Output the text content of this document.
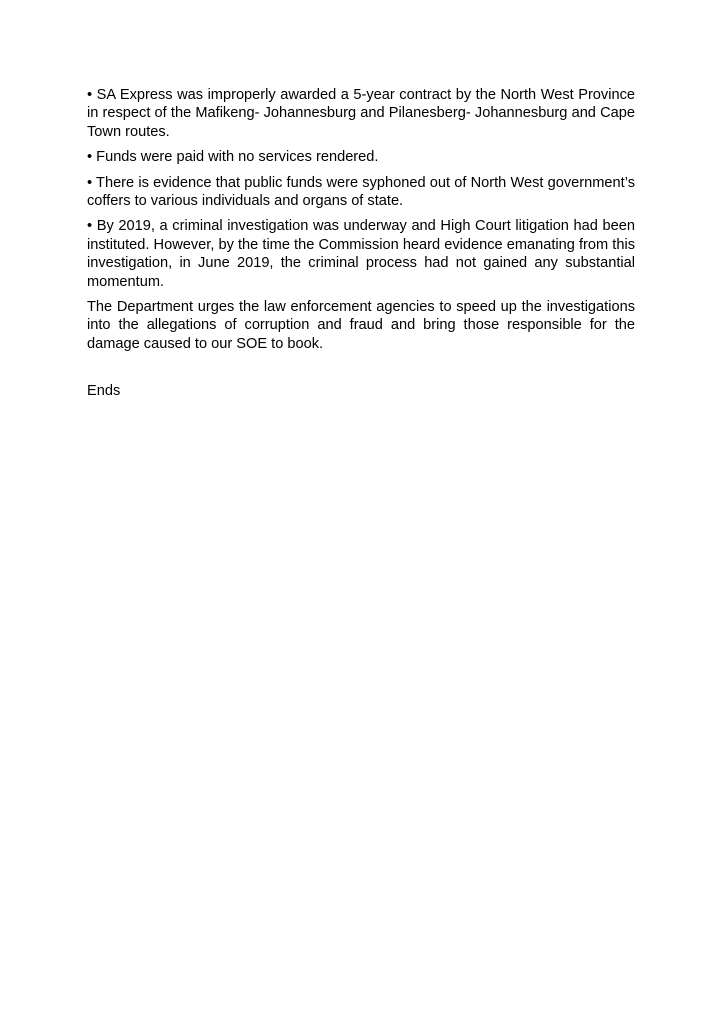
• SA Express was improperly awarded a 5-year contract by the North West Province in respect of the Mafikeng- Johannesburg and Pilanesberg- Johannesburg and Cape Town routes.

• Funds were paid with no services rendered.

• There is evidence that public funds were syphoned out of North West government’s coffers to various individuals and organs of state.

• By 2019, a criminal investigation was underway and High Court litigation had been instituted. However, by the time the Commission heard evidence emanating from this investigation, in June 2019, the criminal process had not gained any substantial momentum.

The Department urges the law enforcement agencies to speed up the investigations into the allegations of corruption and fraud and bring those responsible for the damage caused to our SOE to book.

Ends
